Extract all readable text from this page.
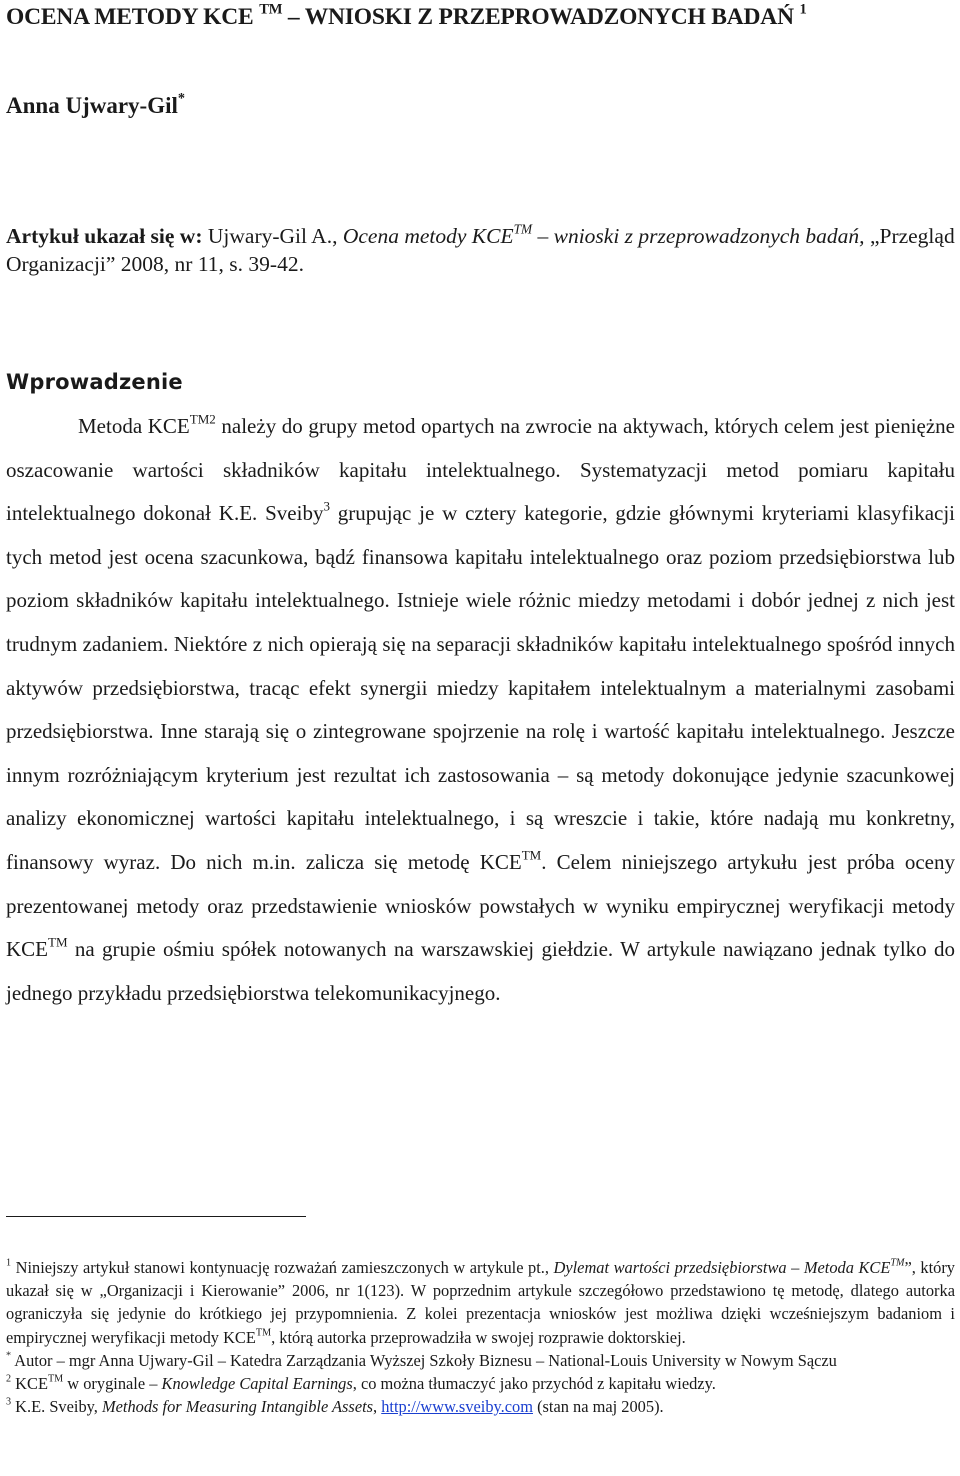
OCENA METODY KCE ™ – WNIOSKI Z PRZEPROWADZONYCH BADAŃ $^1$

Anna Ujwary-Gil*

Artykuł ukazał się w: Ujwary-Gil A., Ocena metody KCE™ – wnioski z przeprowadzonych badań, „Przegląd Organizacji” 2008, nr 11, s. 39-42.

Wprowadzenie

Metoda $KCE^{TM2}$ należy do grupy metod opartych na zwrocie na aktywach, których celem jest pieniężne oszacowanie wartości składników kapitału intelektualnego. Systematyzacji metod pomiaru kapitału intelektualnego dokonał K.E. Sveiby$^3$ grupując je w cztery kategorie, gdzie głównymi kryteriami klasyfikacji tych metod jest ocena szacunkowa, bądź finansowa kapitału intelektualnego oraz poziom przedsiębiorstwa lub poziom składników kapitału intelektualnego. Istnieje wiele różnic miedzy metodami i dobór jednej z nich jest trudnym zadaniem. Niektóre z nich opierają się na separacji składników kapitału intelektualnego spośród innych aktywów przedsiębiorstwa, tracąc efekt synergii miedzy kapitałem intelektualnym a materialnymi zasobami przedsiębiorstwa. Inne starają się o zintegrowane spojrzenie na rolę i wartość kapitału intelektualnego. Jeszcze innym rozróżniającym kryterium jest rezultat ich zastosowania – są metody dokonujące jedynie szacunkowej analizy ekonomicznej wartości kapitału intelektualnego, i są wreszcie i takie, które nadają mu konkretny, finansowy wyraz. Do nich m.in. zalicza się metodę KCE™. Celem niniejszego artykułu jest próba oceny prezentowanej metody oraz przedstawienie wniosków powstałych w wyniku empirycznej weryfikacji metody KCE™ na grupie ośmiu spółek notowanych na warszawskiej giełdzie. W artykule nawiązano jednak tylko do jednego przykładu przedsiębiorstwa telekomunikacyjnego.

$^1$ Niniejszy artykuł stanowi kontynuację rozważań zamieszczonych w artykule pt., Dylemat wartości przedsiębiorstwa – Metoda KCE™”, który ukazał się w „Organizacji i Kierowanie” 2006, nr 1(123). W poprzednim artykule szczegółowo przedstawiono tę metodę, dlatego autorka ograniczyła się jedynie do krótkiego jej przypomnienia. Z kolei prezentacja wniosków jest możliwa dzięki wcześniejszym badaniom i empirycznej weryfikacji metody KCE™, którą autorka przeprowadziła w swojej rozprawie doktorskiej.

* Autor – mgr Anna Ujwary-Gil – Katedra Zarządzania Wyższej Szkoły Biznesu – National-Louis University w Nowym Sączu

$^2$ KCE™ w oryginale – Knowledge Capital Earnings, co można tłumaczyć jako przychód z kapitału wiedzy.

$^3$ K.E. Sveiby, Methods for Measuring Intangible Assets, http://www.sveiby.com (stan na maj 2005).
